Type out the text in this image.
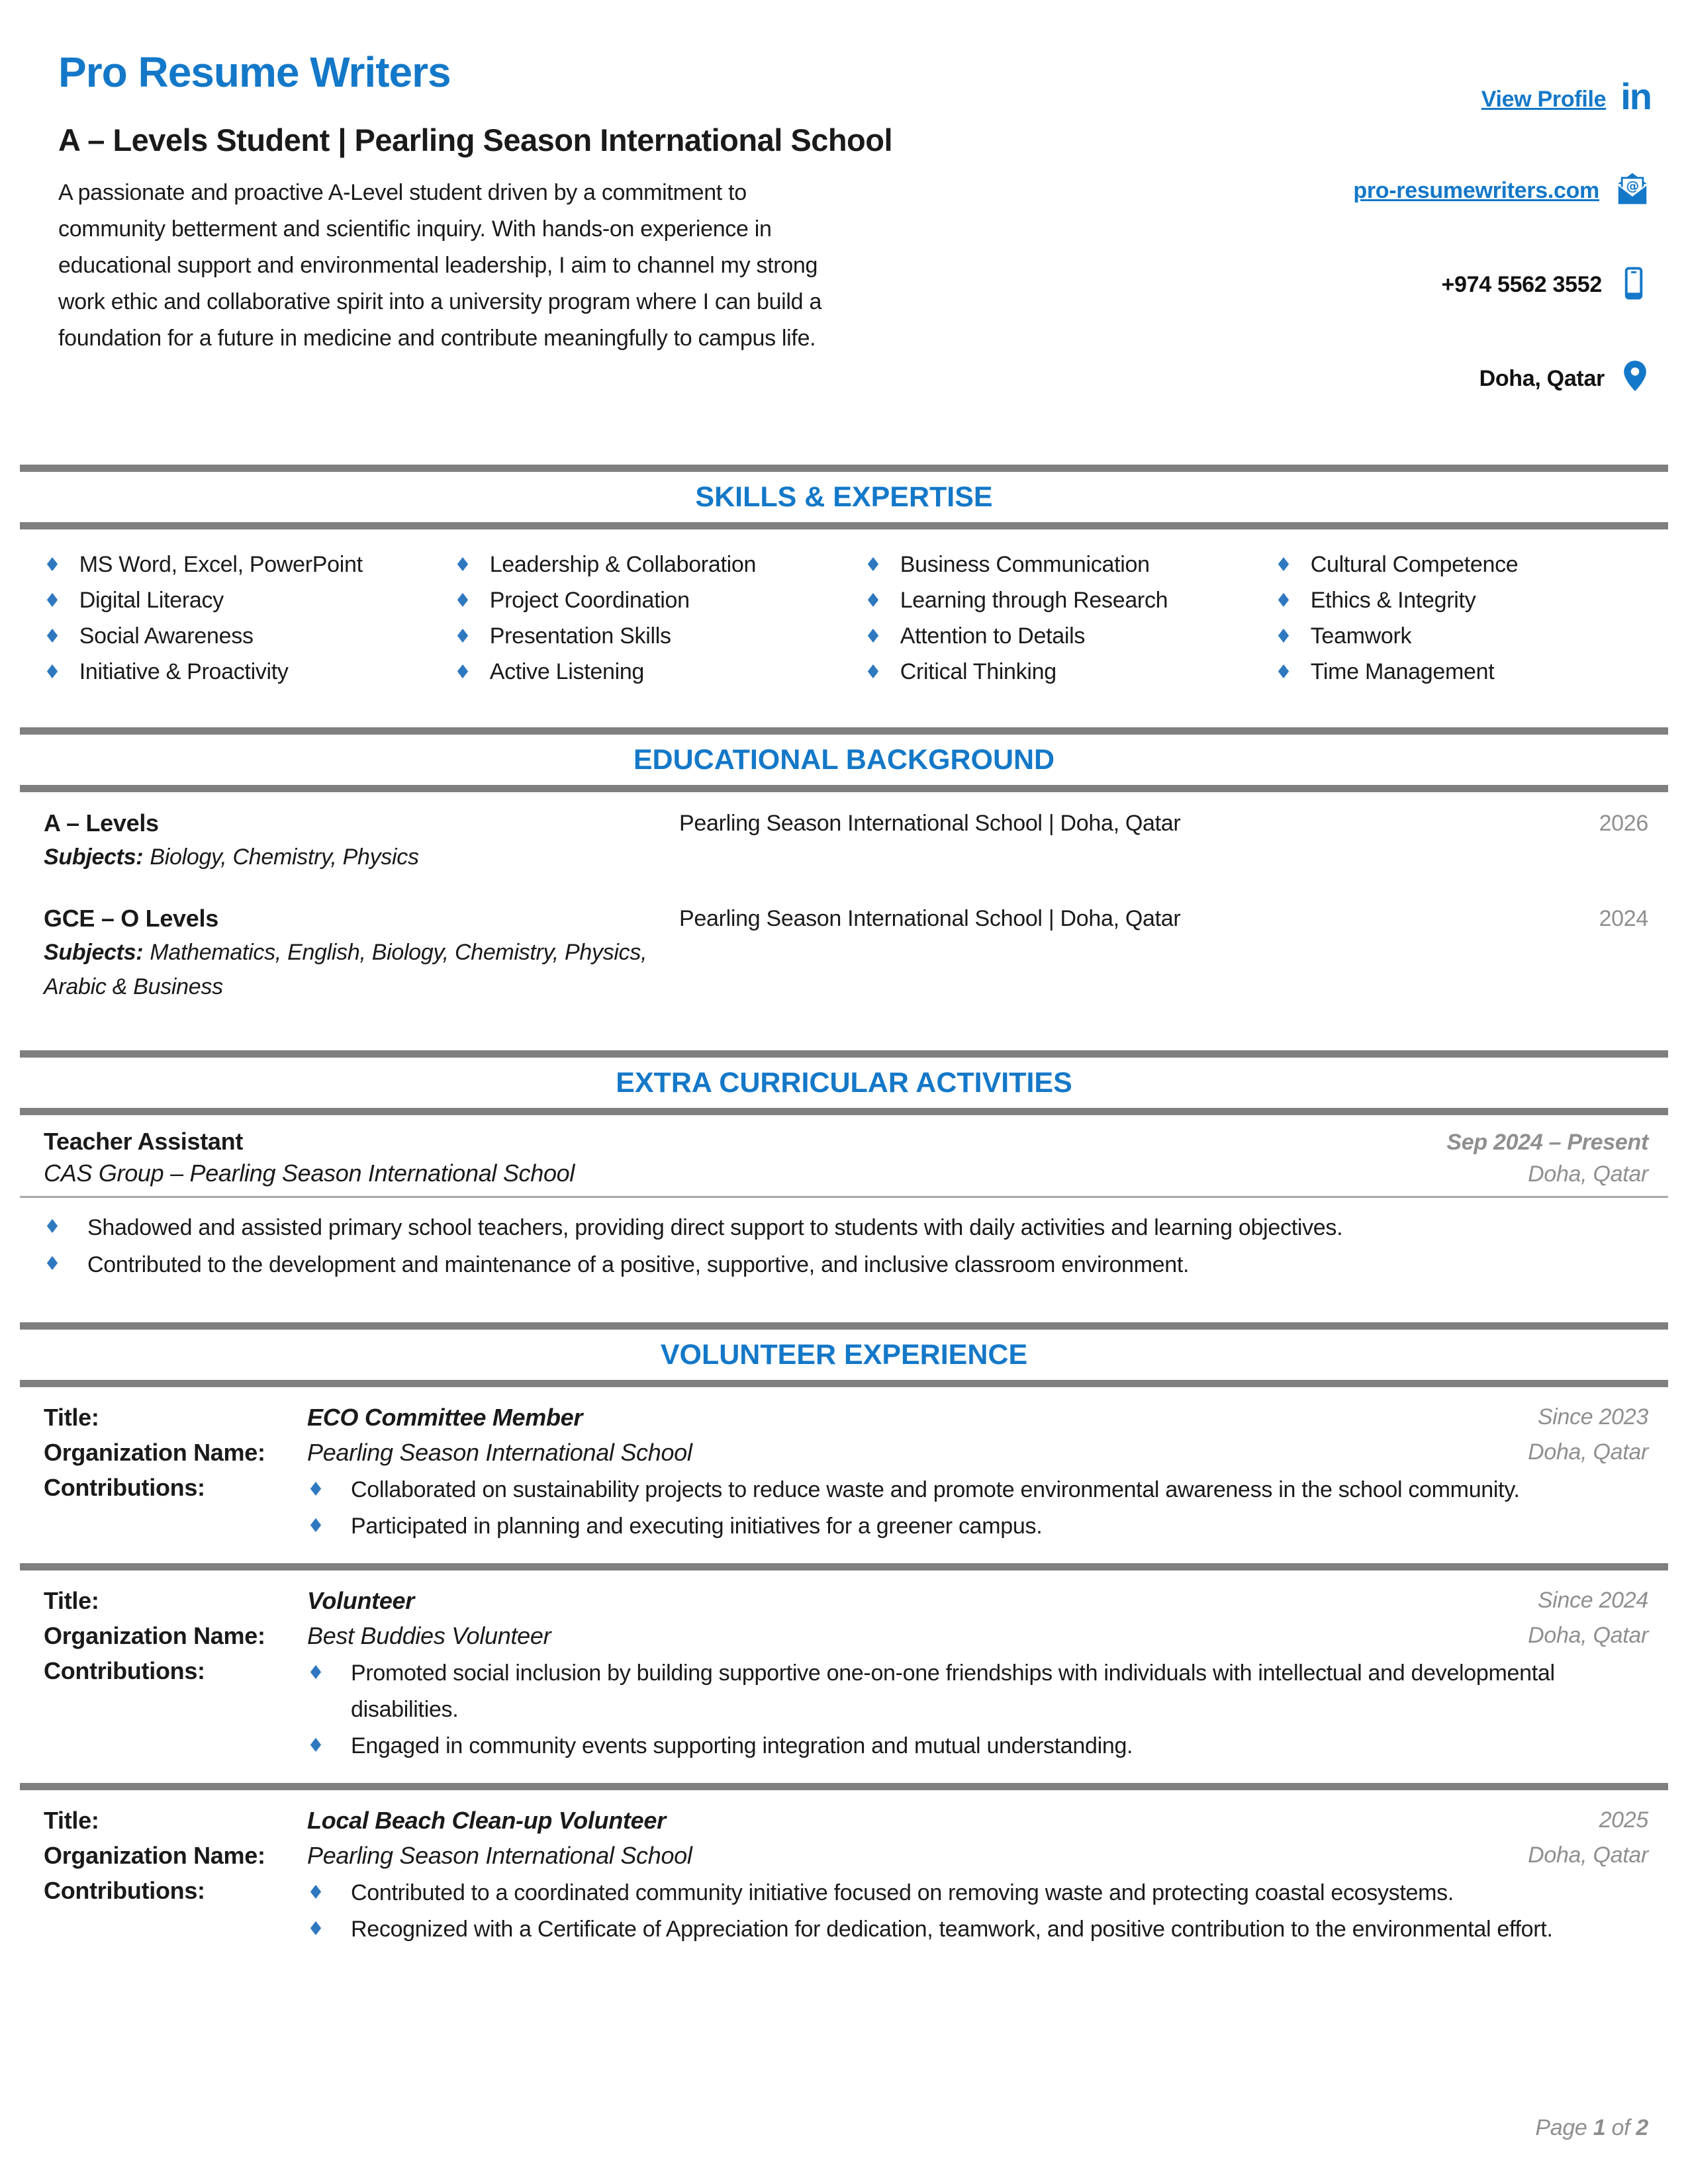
Pro Resume Writers
A – Levels Student | Pearling Season International School
A passionate and proactive A-Level student driven by a commitment to community betterment and scientific inquiry. With hands-on experience in educational support and environmental leadership, I aim to channel my strong work ethic and collaborative spirit into a university program where I can build a foundation for a future in medicine and contribute meaningfully to campus life.
View Profile in
pro-resumewriters.com	@
+974 5562 3552
Doha, Qatar
SKILLS & EXPERTISE
♦ MS Word, Excel, PowerPoint
♦ Digital Literacy
♦ Social Awareness
♦ Initiative & Proactivity
♦ Leadership & Collaboration
♦ Project Coordination
♦ Presentation Skills
♦ Active Listening
♦ Business Communication
♦ Learning through Research
♦ Attention to Details
♦ Critical Thinking
♦ Cultural Competence
♦ Ethics & Integrity
♦ Teamwork
♦ Time Management
EDUCATIONAL BACKGROUND
A – Levels
Subjects: Biology, Chemistry, Physics
Pearling Season International School | Doha, Qatar	2026
GCE – O Levels
Subjects: Mathematics, English, Biology, Chemistry, Physics, Arabic & Business
Pearling Season International School | Doha, Qatar	2024
EXTRA CURRICULAR ACTIVITIES
Teacher Assistant	Sep 2024 – Present
CAS Group – Pearling Season International School	Doha, Qatar
♦	Shadowed and assisted primary school teachers, providing direct support to students with daily activities and learning objectives.
♦	Contributed to the development and maintenance of a positive, supportive, and inclusive classroom environment.
VOLUNTEER EXPERIENCE
Title:	ECO Committee Member	Since 2023
Organization Name:	Pearling Season International School	Doha, Qatar
Contributions:	♦	Collaborated on sustainability projects to reduce waste and promote environmental awareness in the school community.
♦	Participated in planning and executing initiatives for a greener campus.
Title:	Volunteer	Since 2024
Organization Name:	Best Buddies Volunteer	Doha, Qatar
Contributions:	♦	Promoted social inclusion by building supportive one-on-one friendships with individuals with intellectual and developmental disabilities.
♦	Engaged in community events supporting integration and mutual understanding.
Title:	Local Beach Clean-up Volunteer	2025
Organization Name:	Pearling Season International School	Doha, Qatar
Contributions:	♦	Contributed to a coordinated community initiative focused on removing waste and protecting coastal ecosystems.
♦	Recognized with a Certificate of Appreciation for dedication, teamwork, and positive contribution to the environmental effort.
Page 1 of 2
